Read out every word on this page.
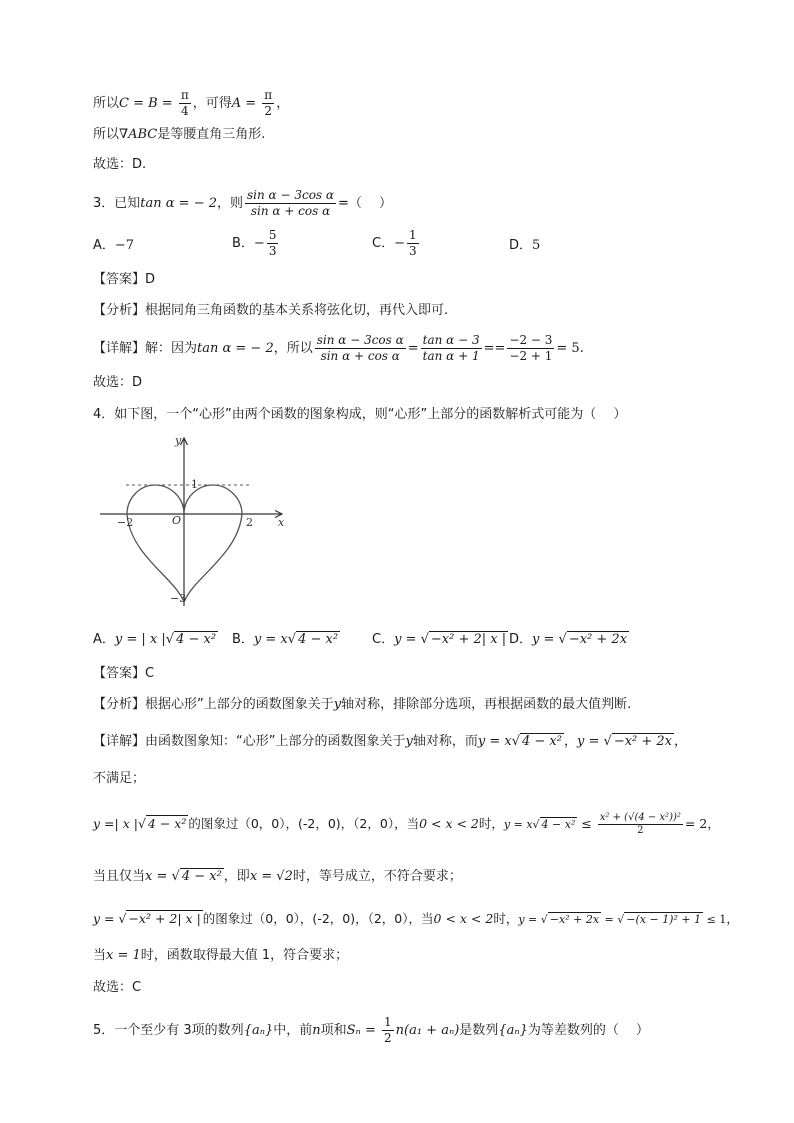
所以$C = B = \frac{\pi}{4}$ ，可得$A = \frac{\pi}{2}$ ，
所以∇ABC是等腰直角三角形.
故选：D.
3．已知tan α = − 2，则 $\frac{\text{sin α − 3cos α}}{\text{sin α + cos α}}$ =（　 ）
A．−7	B．− $\frac{5}{3}$	C．− $\frac{1}{3}$	D．5
【答案】D
【分析】根据同角三角函数的基本关系将弦化切，再代入即可.
【详解】解：因为tan α = − 2，所以 $\frac{\text{sin α − 3cos α}}{\text{sin α + cos α}} = \frac{\text{tan α − 3}}{\text{tan α + 1}} == \frac{-2 - 3}{-2 + 1} = 5$.
故选：D
4．如下图，一个“心形”由两个函数的图象构成，则“心形”上部分的函数解析式可能为（　 ）
y
x
O
1
−2	2
−3
A．y = | x |√ 4 − x² B．y = x√ 4 − x²	C．y = √ −x² + 2| x | D．y = √ −x² + 2x
【答案】C
【分析】根据心形”上部分的函数图象关于y轴对称，排除部分选项，再根据函数的最大值判断.
【详解】由函数图象知：“心形”上部分的函数图象关于y轴对称，而y = x√ 4 − x² ，y = √ −x² + 2x ，
不满足；
y =| x |√ 4 − x² 的图象过（0，0），(-2，0)，（2，0），当0 < x < 2时，y = x√ $4 - x^2 \le \frac{\text{x² + (√(4 − x²))²}}{2} = 2$，
当且仅当x = √ 4 − x² ，即x = √2时，等号成立，不符合要求；
y = √ −x² + 2| x | 的图象过（0，0），(-2，0)，（2，0），当0 < x < 2时，y = √ −x² + 2x = √ −(x − 1)² + 1 ≤ 1，
当x = 1时，函数取得最大值 1，符合要求；
故选：C
5．一个至少有 3项的数列{aₙ}中，前n项和$S_n = \frac{1}{2} n(a_1 + a_n)$是数列{aₙ}为等差数列的（　 ）
